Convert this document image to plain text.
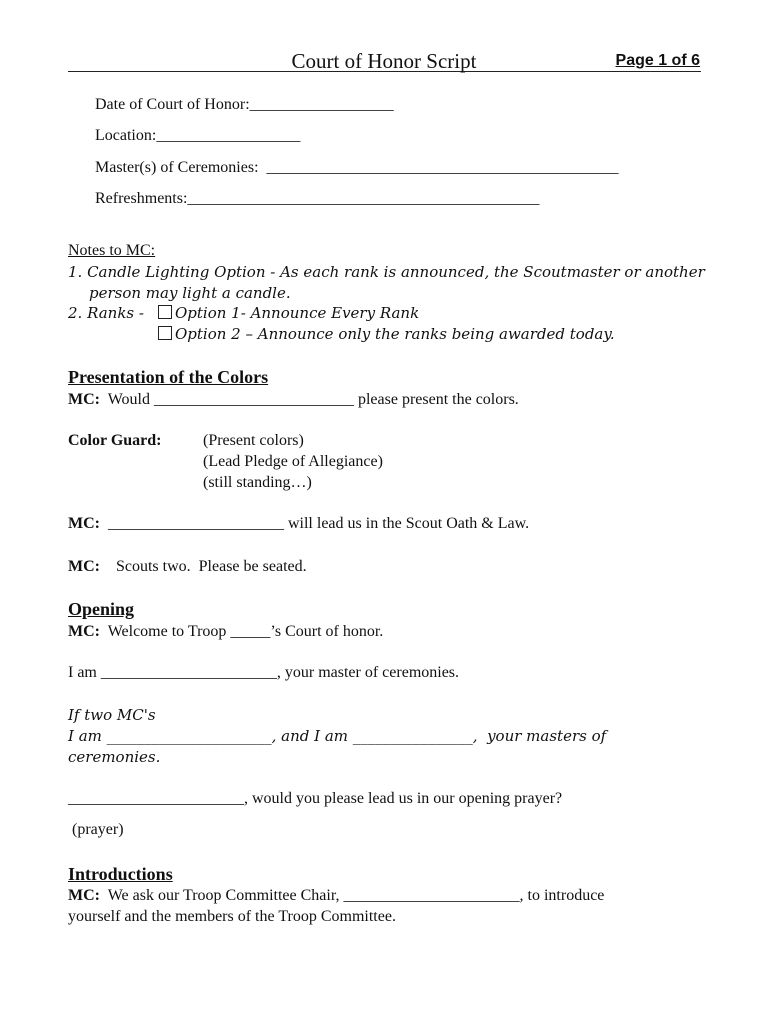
Court of Honor Script	Page 1 of 6
Date of Court of Honor:__________________
Location:__________________
Master(s) of Ceremonies:  ____________________________________________
Refreshments:____________________________________________
Notes to MC:
1. Candle Lighting Option - As each rank is announced, the Scoutmaster or another
person may light a candle.
2. Ranks -	Option 1- Announce Every Rank
Option 2 – Announce only the ranks being awarded today.
Presentation of the Colors
MC: Would _________________________ please present the colors.
Color Guard:	(Present colors)
(Lead Pledge of Allegiance)
(still standing…)
MC: ______________________ will lead us in the Scout Oath & Law.
MC: Scouts two.  Please be seated.
Opening
MC: Welcome to Troop _____’s Court of honor.
I am ______________________, your master of ceremonies.
If two MC's
I am ______________________, and I am ________________,  your masters of
ceremonies.
______________________, would you please lead us in our opening prayer?
(prayer)
Introductions
MC: We ask our Troop Committee Chair, ______________________, to introduce
yourself and the members of the Troop Committee.
